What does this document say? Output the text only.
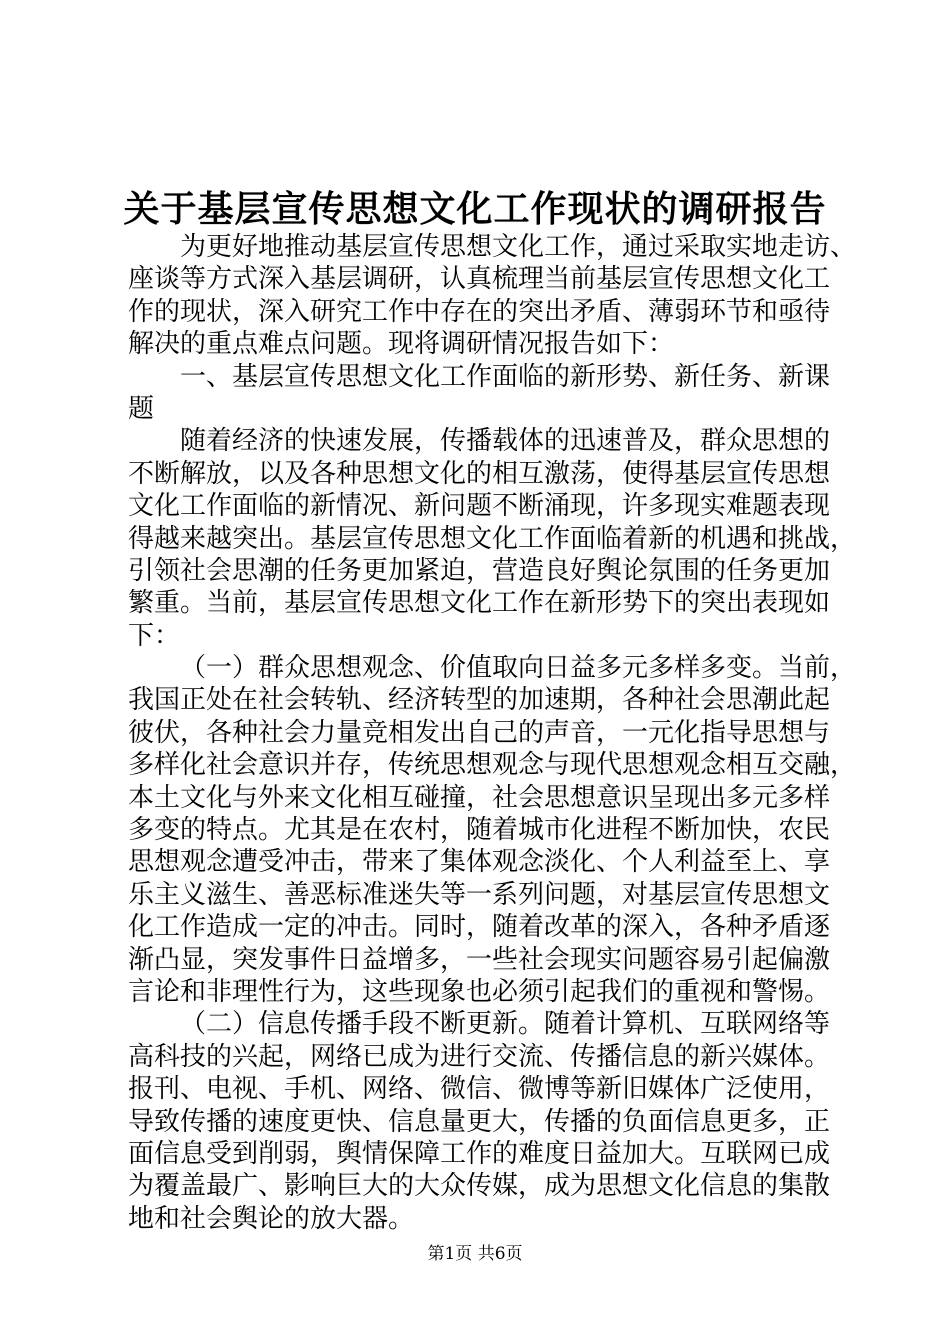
关于基层宣传思想文化工作现状的调研报告
为更好地推动基层宣传思想文化工作，通过采取实地走访、
座谈等方式深入基层调研，认真梳理当前基层宣传思想文化工
作的现状，深入研究工作中存在的突出矛盾、薄弱环节和亟待
解决的重点难点问题。现将调研情况报告如下：
一、基层宣传思想文化工作面临的新形势、新任务、新课
题
随着经济的快速发展，传播载体的迅速普及，群众思想的
不断解放，以及各种思想文化的相互激荡，使得基层宣传思想
文化工作面临的新情况、新问题不断涌现，许多现实难题表现
得越来越突出。基层宣传思想文化工作面临着新的机遇和挑战，
引领社会思潮的任务更加紧迫，营造良好舆论氛围的任务更加
繁重。当前，基层宣传思想文化工作在新形势下的突出表现如
下：
（一）群众思想观念、价值取向日益多元多样多变。当前，
我国正处在社会转轨、经济转型的加速期，各种社会思潮此起
彼伏，各种社会力量竞相发出自己的声音，一元化指导思想与
多样化社会意识并存，传统思想观念与现代思想观念相互交融，
本土文化与外来文化相互碰撞，社会思想意识呈现出多元多样
多变的特点。尤其是在农村，随着城市化进程不断加快，农民
思想观念遭受冲击，带来了集体观念淡化、个人利益至上、享
乐主义滋生、善恶标准迷失等一系列问题，对基层宣传思想文
化工作造成一定的冲击。同时，随着改革的深入，各种矛盾逐
渐凸显，突发事件日益增多，一些社会现实问题容易引起偏激
言论和非理性行为，这些现象也必须引起我们的重视和警惕。
（二）信息传播手段不断更新。随着计算机、互联网络等
高科技的兴起，网络已成为进行交流、传播信息的新兴媒体。
报刊、电视、手机、网络、微信、微博等新旧媒体广泛使用，
导致传播的速度更快、信息量更大，传播的负面信息更多，正
面信息受到削弱，舆情保障工作的难度日益加大。互联网已成
为覆盖最广、影响巨大的大众传媒，成为思想文化信息的集散
地和社会舆论的放大器。
第1页 共6页
